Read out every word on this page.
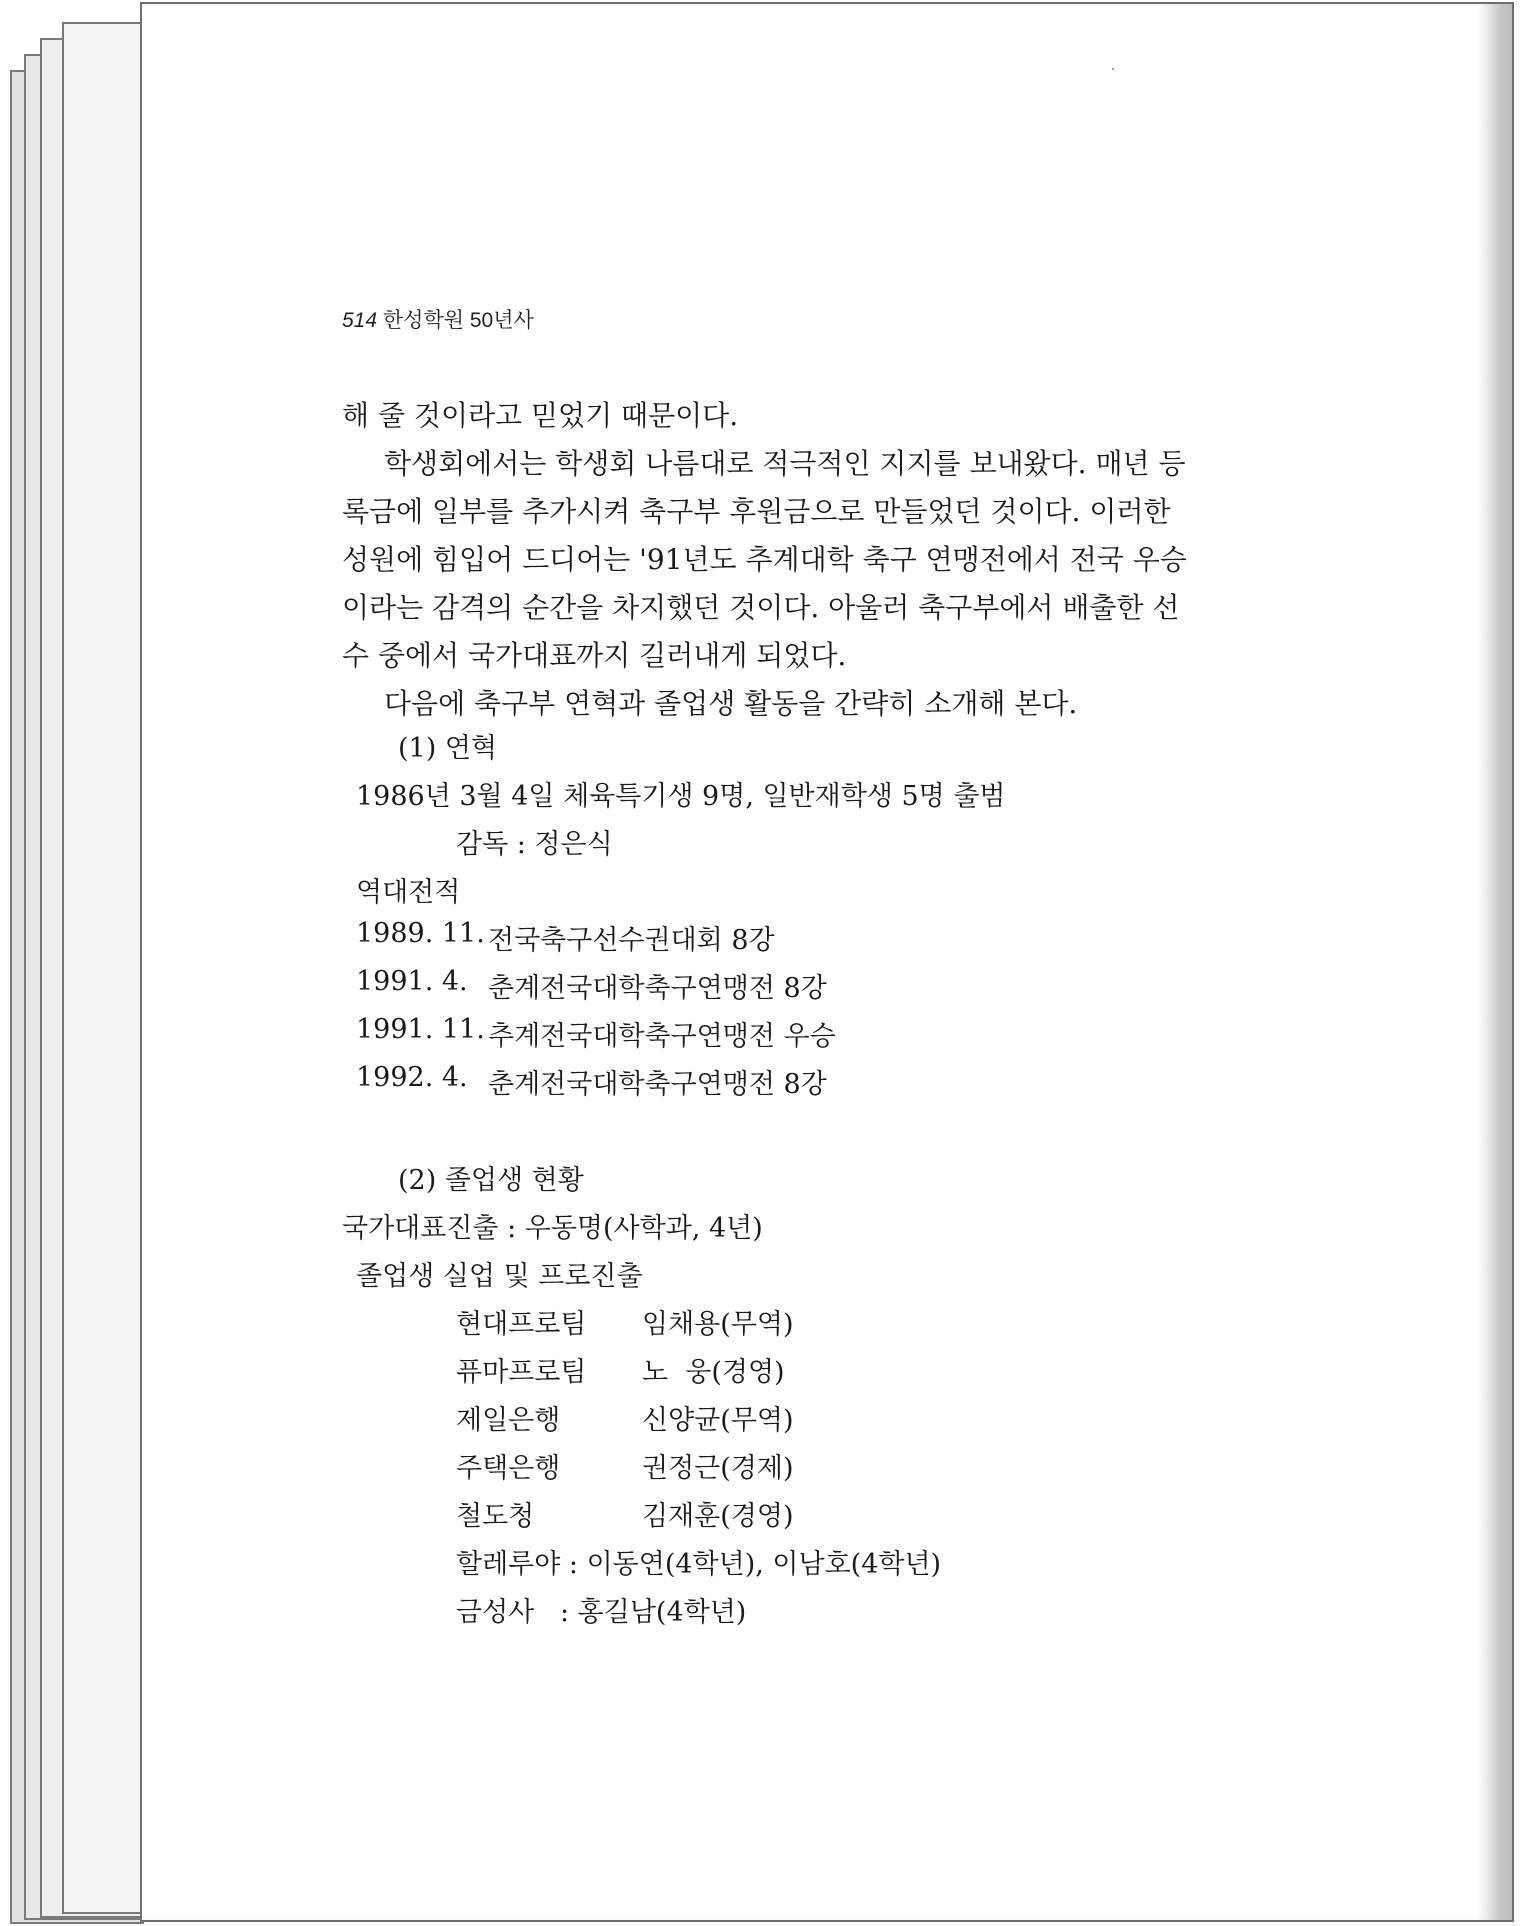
514 한성학원 50년사
해 줄 것이라고 믿었기 때문이다.
학생회에서는 학생회 나름대로 적극적인 지지를 보내왔다. 매년 등
록금에 일부를 추가시켜 축구부 후원금으로 만들었던 것이다. 이러한
성원에 힘입어 드디어는 '91년도 추계대학 축구 연맹전에서 전국 우승
이라는 감격의 순간을 차지했던 것이다. 아울러 축구부에서 배출한 선
수 중에서 국가대표까지 길러내게 되었다.
다음에 축구부 연혁과 졸업생 활동을 간략히 소개해 본다.
(1) 연혁
1986년 3월 4일 체육특기생 9명, 일반재학생 5명 출범
감독 : 정은식
역대전적
1989. 11. 전국축구선수권대회 8강
1991. 4. 춘계전국대학축구연맹전 8강
1991. 11. 추계전국대학축구연맹전 우승
1992. 4. 춘계전국대학축구연맹전 8강
(2) 졸업생 현황
국가대표진출 : 우동명(사학과, 4년)
졸업생 실업 및 프로진출
현대프로팀 임채용(무역)
퓨마프로팀 노  웅(경영)
제일은행	신양균(무역)
주택은행	권정근(경제)
철도청	김재훈(경영)
할레루야 : 이동연(4학년), 이남호(4학년)
금성사   : 홍길남(4학년)
